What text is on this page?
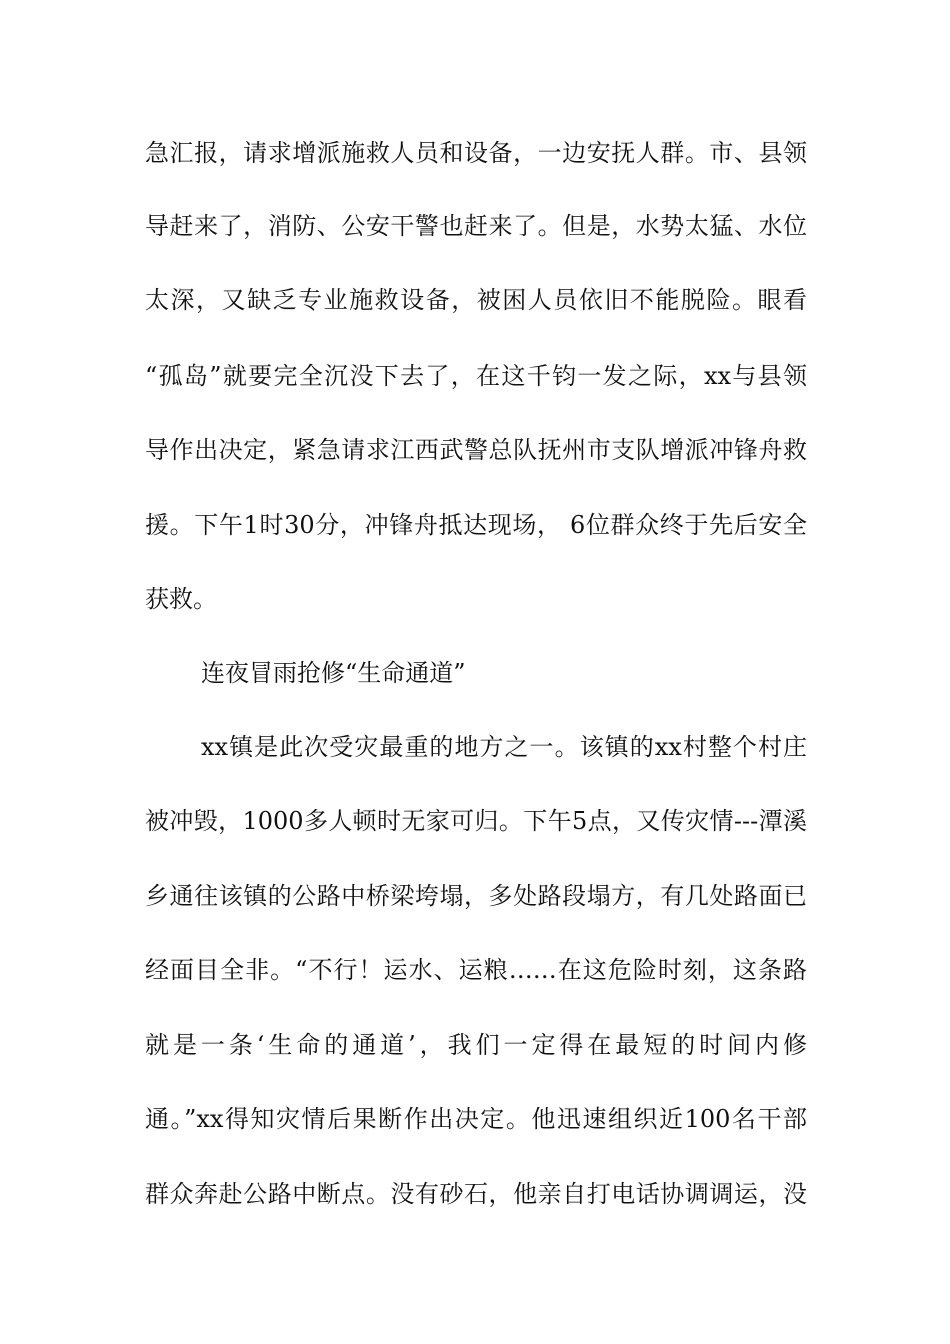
急汇报，请求增派施救人员和设备，一边安抚人群。市、县领
导赶来了，消防、公安干警也赶来了。但是，水势太猛、水位
太深，又缺乏专业施救设备，被困人员依旧不能脱险。眼看
“孤岛”就要完全沉没下去了，在这千钧一发之际，xx与县领
导作出决定，紧急请求江西武警总队抚州市支队增派冲锋舟救
援。下午1时30分，冲锋舟抵达现场， 6位群众终于先后安全
获救。
连夜冒雨抢修“生命通道”
xx镇是此次受灾最重的地方之一。该镇的xx村整个村庄
被冲毁，1000多人顿时无家可归。下午5点，又传灾情---潭溪
乡通往该镇的公路中桥梁垮塌，多处路段塌方，有几处路面已
经面目全非。“不行！运水、运粮……在这危险时刻，这条路
就是一条‘生命的通道’，我们一定得在最短的时间内修
通。”xx得知灾情后果断作出决定。他迅速组织近100名干部
群众奔赴公路中断点。没有砂石，他亲自打电话协调调运，没
